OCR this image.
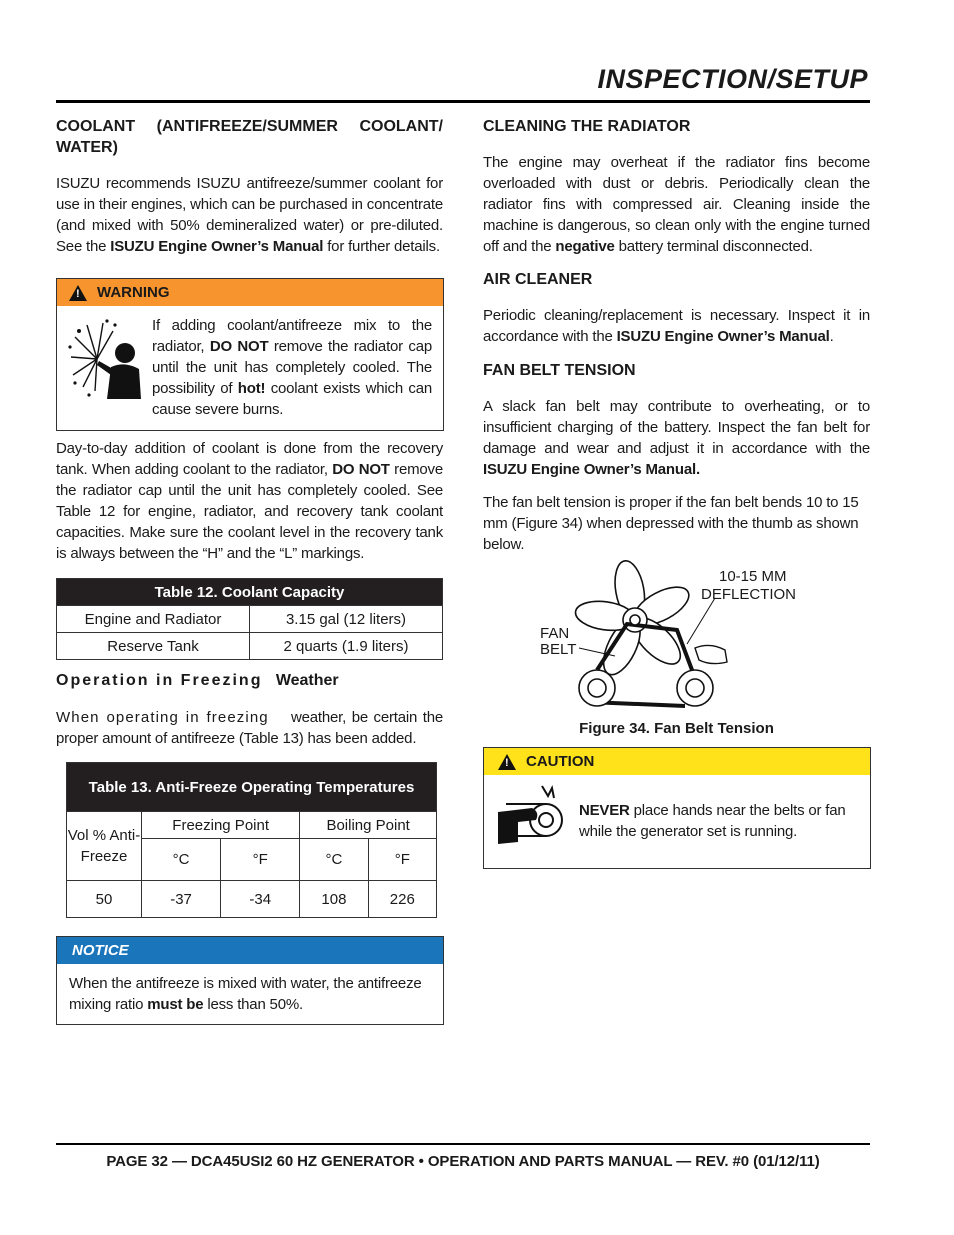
INSPECTION/SETUP

COOLANT (ANTIFREEZE/SUMMER COOLANT/ WATER)

ISUZU recommends ISUZU antifreeze/summer coolant for use in their engines, which can be purchased in concentrate (and mixed with 50% demineralized water) or pre-diluted. See the ISUZU Engine Owner’s Manual for further details.

! WARNING

If adding coolant/antifreeze mix to the radiator, DO NOT remove the radiator cap until the unit has completely cooled. The possibility of hot! coolant exists which can cause severe burns.

Day-to-day addition of coolant is done from the recovery tank. When adding coolant to the radiator, DO NOT remove the radiator cap until the unit has completely cooled. See Table 12 for engine, radiator, and recovery tank coolant capacities. Make sure the coolant level in the recovery tank is always between the “H” and the “L” markings.

Table 12. Coolant Capacity	
Engine and Radiator	3.15 gal (12 liters)
Reserve Tank	2 quarts (1.9 liters)

Operation in Freezing Weather

When operating in freezing weather, be certain the proper amount of antifreeze (Table 13) has been added.

Table 13. Anti-Freeze Operating Temperatures				
Vol % Anti-Freeze	Freezing Point		Boiling Point	
	°C	°F	°C	°F
50	-37	-34	108	226
NOTICE

When the antifreeze is mixed with water, the antifreeze mixing ratio must be less than 50%.

CLEANING THE RADIATOR

The engine may overheat if the radiator fins become overloaded with dust or debris. Periodically clean the radiator fins with compressed air. Cleaning inside the machine is dangerous, so clean only with the engine turned off and the negative battery terminal disconnected.

AIR CLEANER

Periodic cleaning/replacement is necessary. Inspect it in accordance with the ISUZU Engine Owner’s Manual.

FAN BELT TENSION

A slack fan belt may contribute to overheating, or to insufficient charging of the battery. Inspect the fan belt for damage and wear and adjust it in accordance with the ISUZU Engine Owner’s Manual.

The fan belt tension is proper if the fan belt bends 10 to 15 mm (Figure 34) when depressed with the thumb as shown below.

10-15 MM
DEFLECTION
FAN
BELT
Figure 34. Fan Belt Tension
! CAUTION

NEVER place hands near the belts or fan while the generator set is running.

PAGE 32 — DCA45USI2 60 HZ GENERATOR • OPERATION AND PARTS MANUAL — REV. #0 (01/12/11)
